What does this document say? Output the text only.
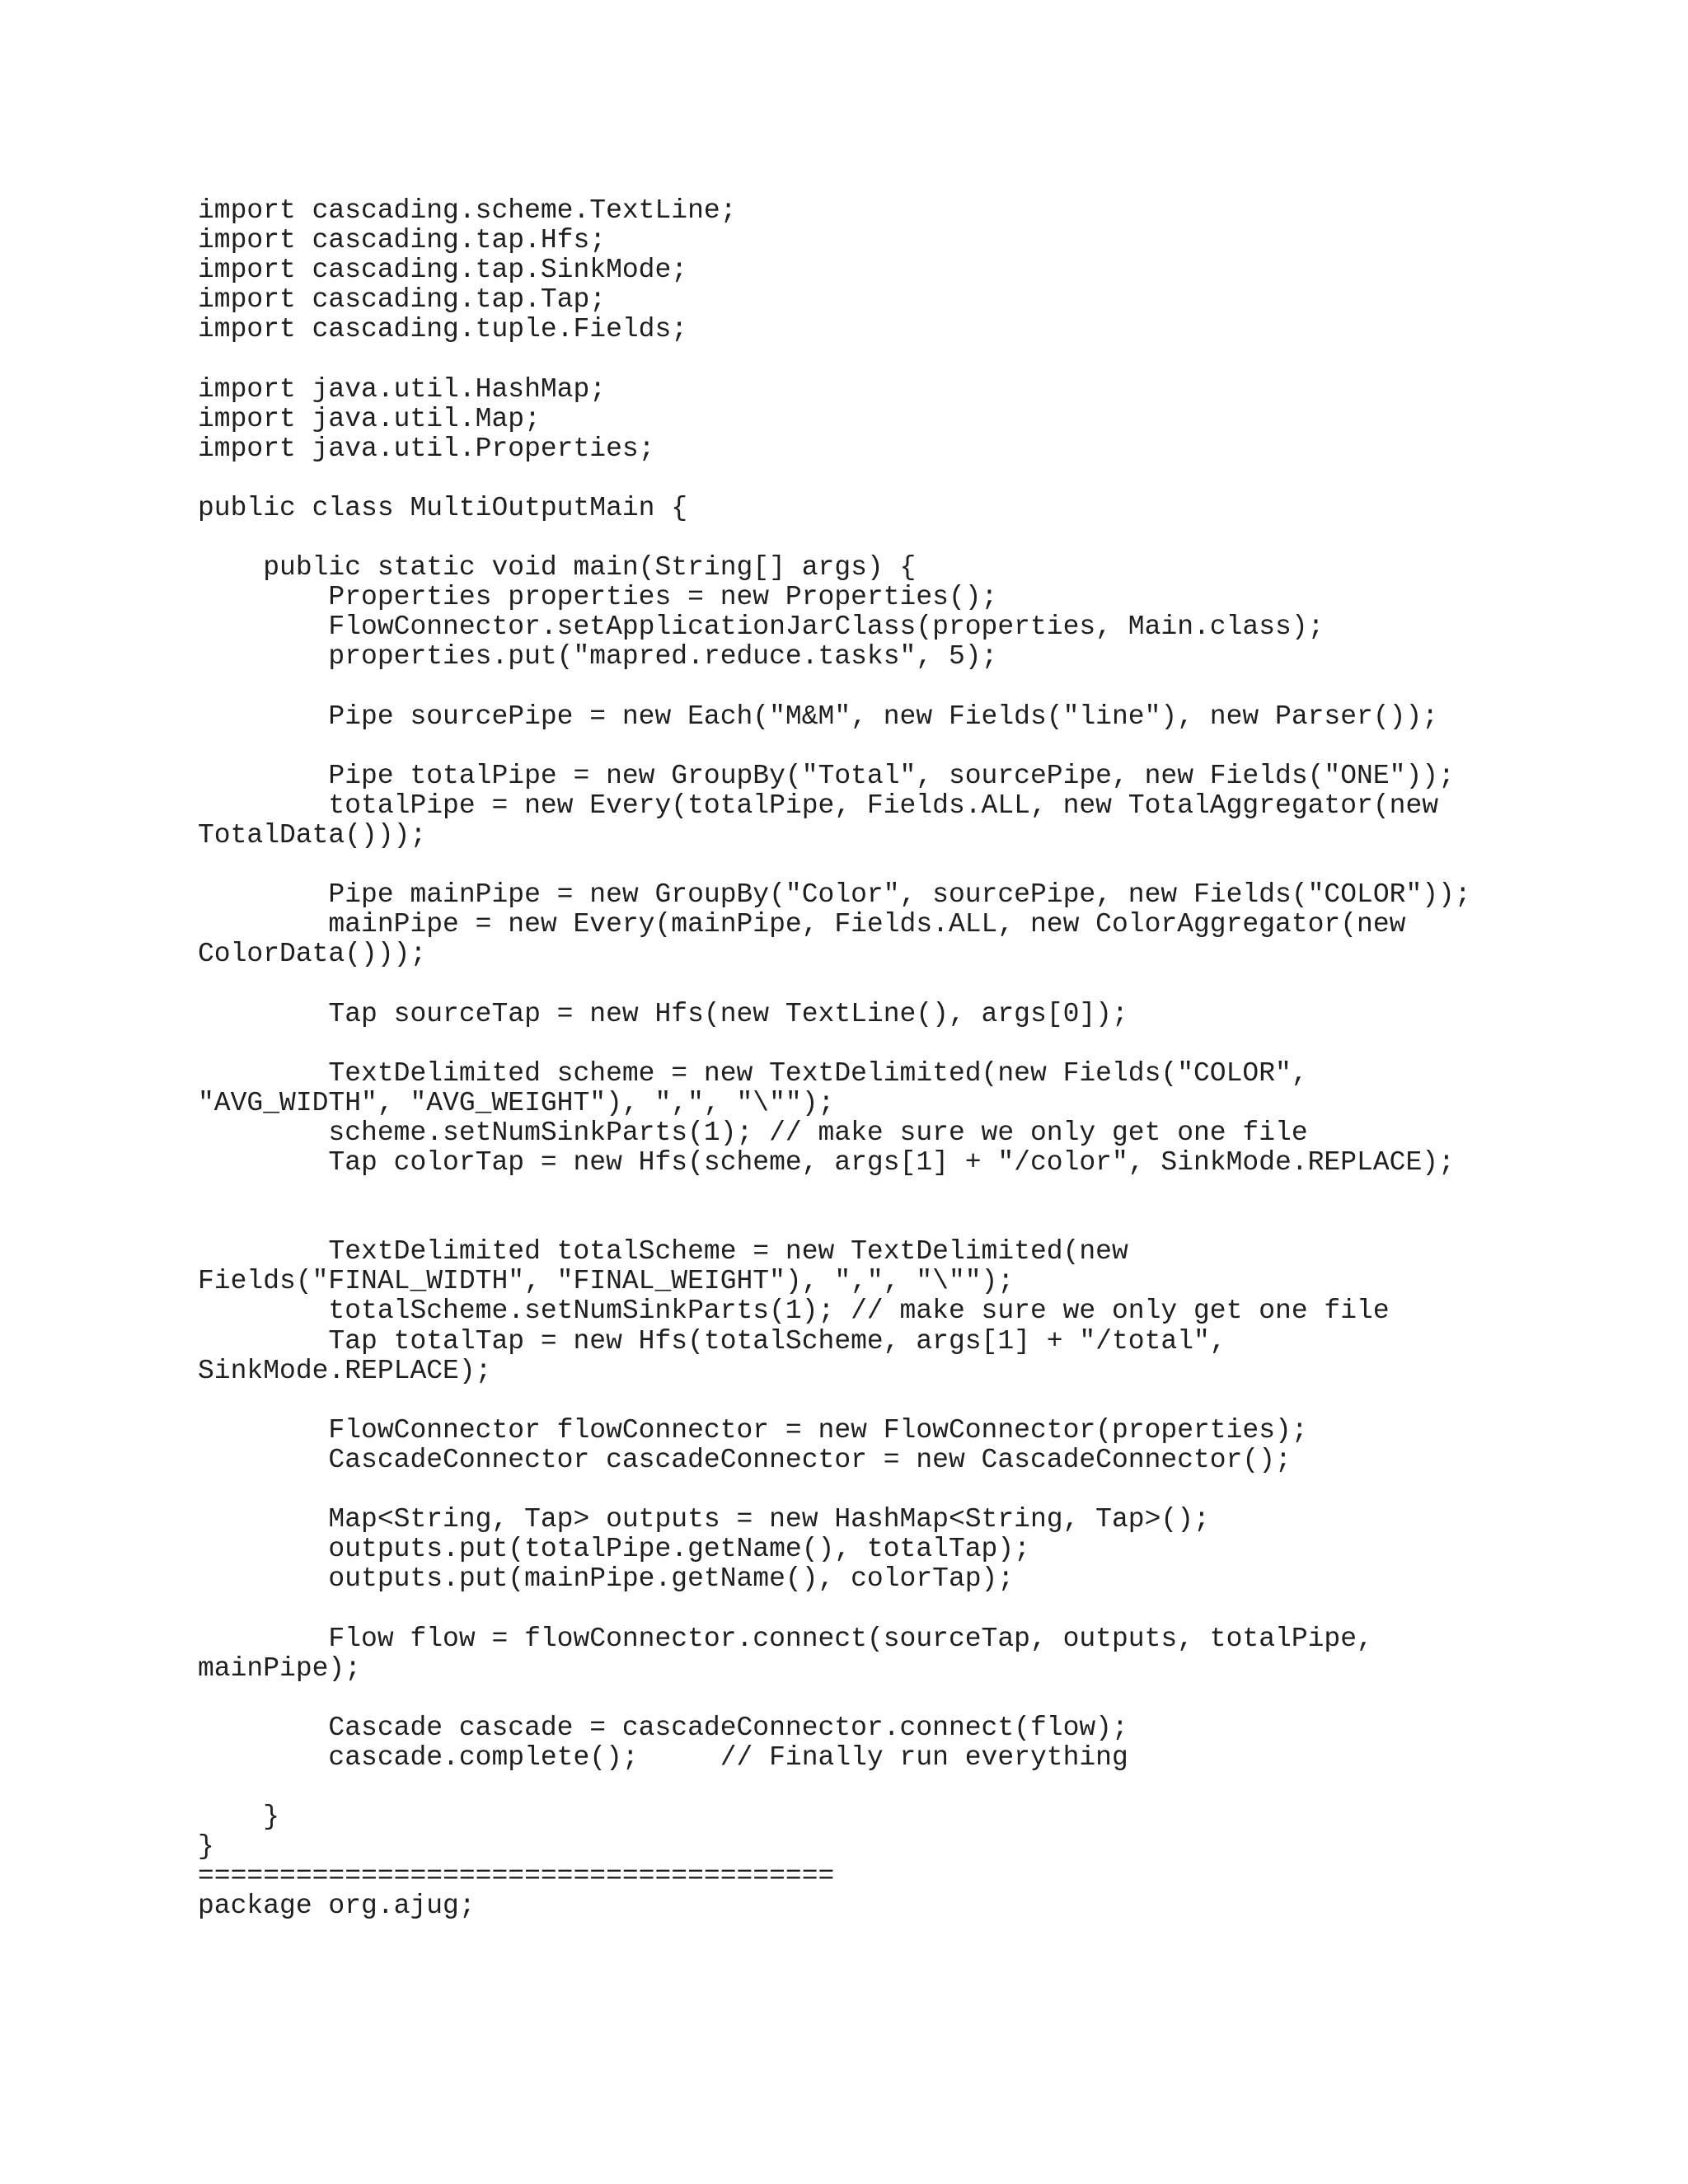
import cascading.scheme.TextLine;
import cascading.tap.Hfs;
import cascading.tap.SinkMode;
import cascading.tap.Tap;
import cascading.tuple.Fields;
import java.util.HashMap;
import java.util.Map;
import java.util.Properties;
public class MultiOutputMain {
public static void main(String[] args) {
Properties properties = new Properties();
FlowConnector.setApplicationJarClass(properties, Main.class);
properties.put("mapred.reduce.tasks", 5);
Pipe sourcePipe = new Each("M&M", new Fields("line"), new Parser());
Pipe totalPipe = new GroupBy("Total", sourcePipe, new Fields("ONE"));
totalPipe = new Every(totalPipe, Fields.ALL, new TotalAggregator(new
TotalData()));
Pipe mainPipe = new GroupBy("Color", sourcePipe, new Fields("COLOR"));
mainPipe = new Every(mainPipe, Fields.ALL, new ColorAggregator(new
ColorData()));
Tap sourceTap = new Hfs(new TextLine(), args[0]);
TextDelimited scheme = new TextDelimited(new Fields("COLOR",
"AVG_WIDTH", "AVG_WEIGHT"), ",", "\"");
scheme.setNumSinkParts(1); // make sure we only get one file
Tap colorTap = new Hfs(scheme, args[1] + "/color", SinkMode.REPLACE);
TextDelimited totalScheme = new TextDelimited(new
Fields("FINAL_WIDTH", "FINAL_WEIGHT"), ",", "\"");
totalScheme.setNumSinkParts(1); // make sure we only get one file
Tap totalTap = new Hfs(totalScheme, args[1] + "/total",
SinkMode.REPLACE);
FlowConnector flowConnector = new FlowConnector(properties);
CascadeConnector cascadeConnector = new CascadeConnector();
Map<String, Tap> outputs = new HashMap<String, Tap>();
outputs.put(totalPipe.getName(), totalTap);
outputs.put(mainPipe.getName(), colorTap);
Flow flow = flowConnector.connect(sourceTap, outputs, totalPipe,
mainPipe);
Cascade cascade = cascadeConnector.connect(flow);
cascade.complete();     // Finally run everything
}
}
=======================================
package org.ajug;
